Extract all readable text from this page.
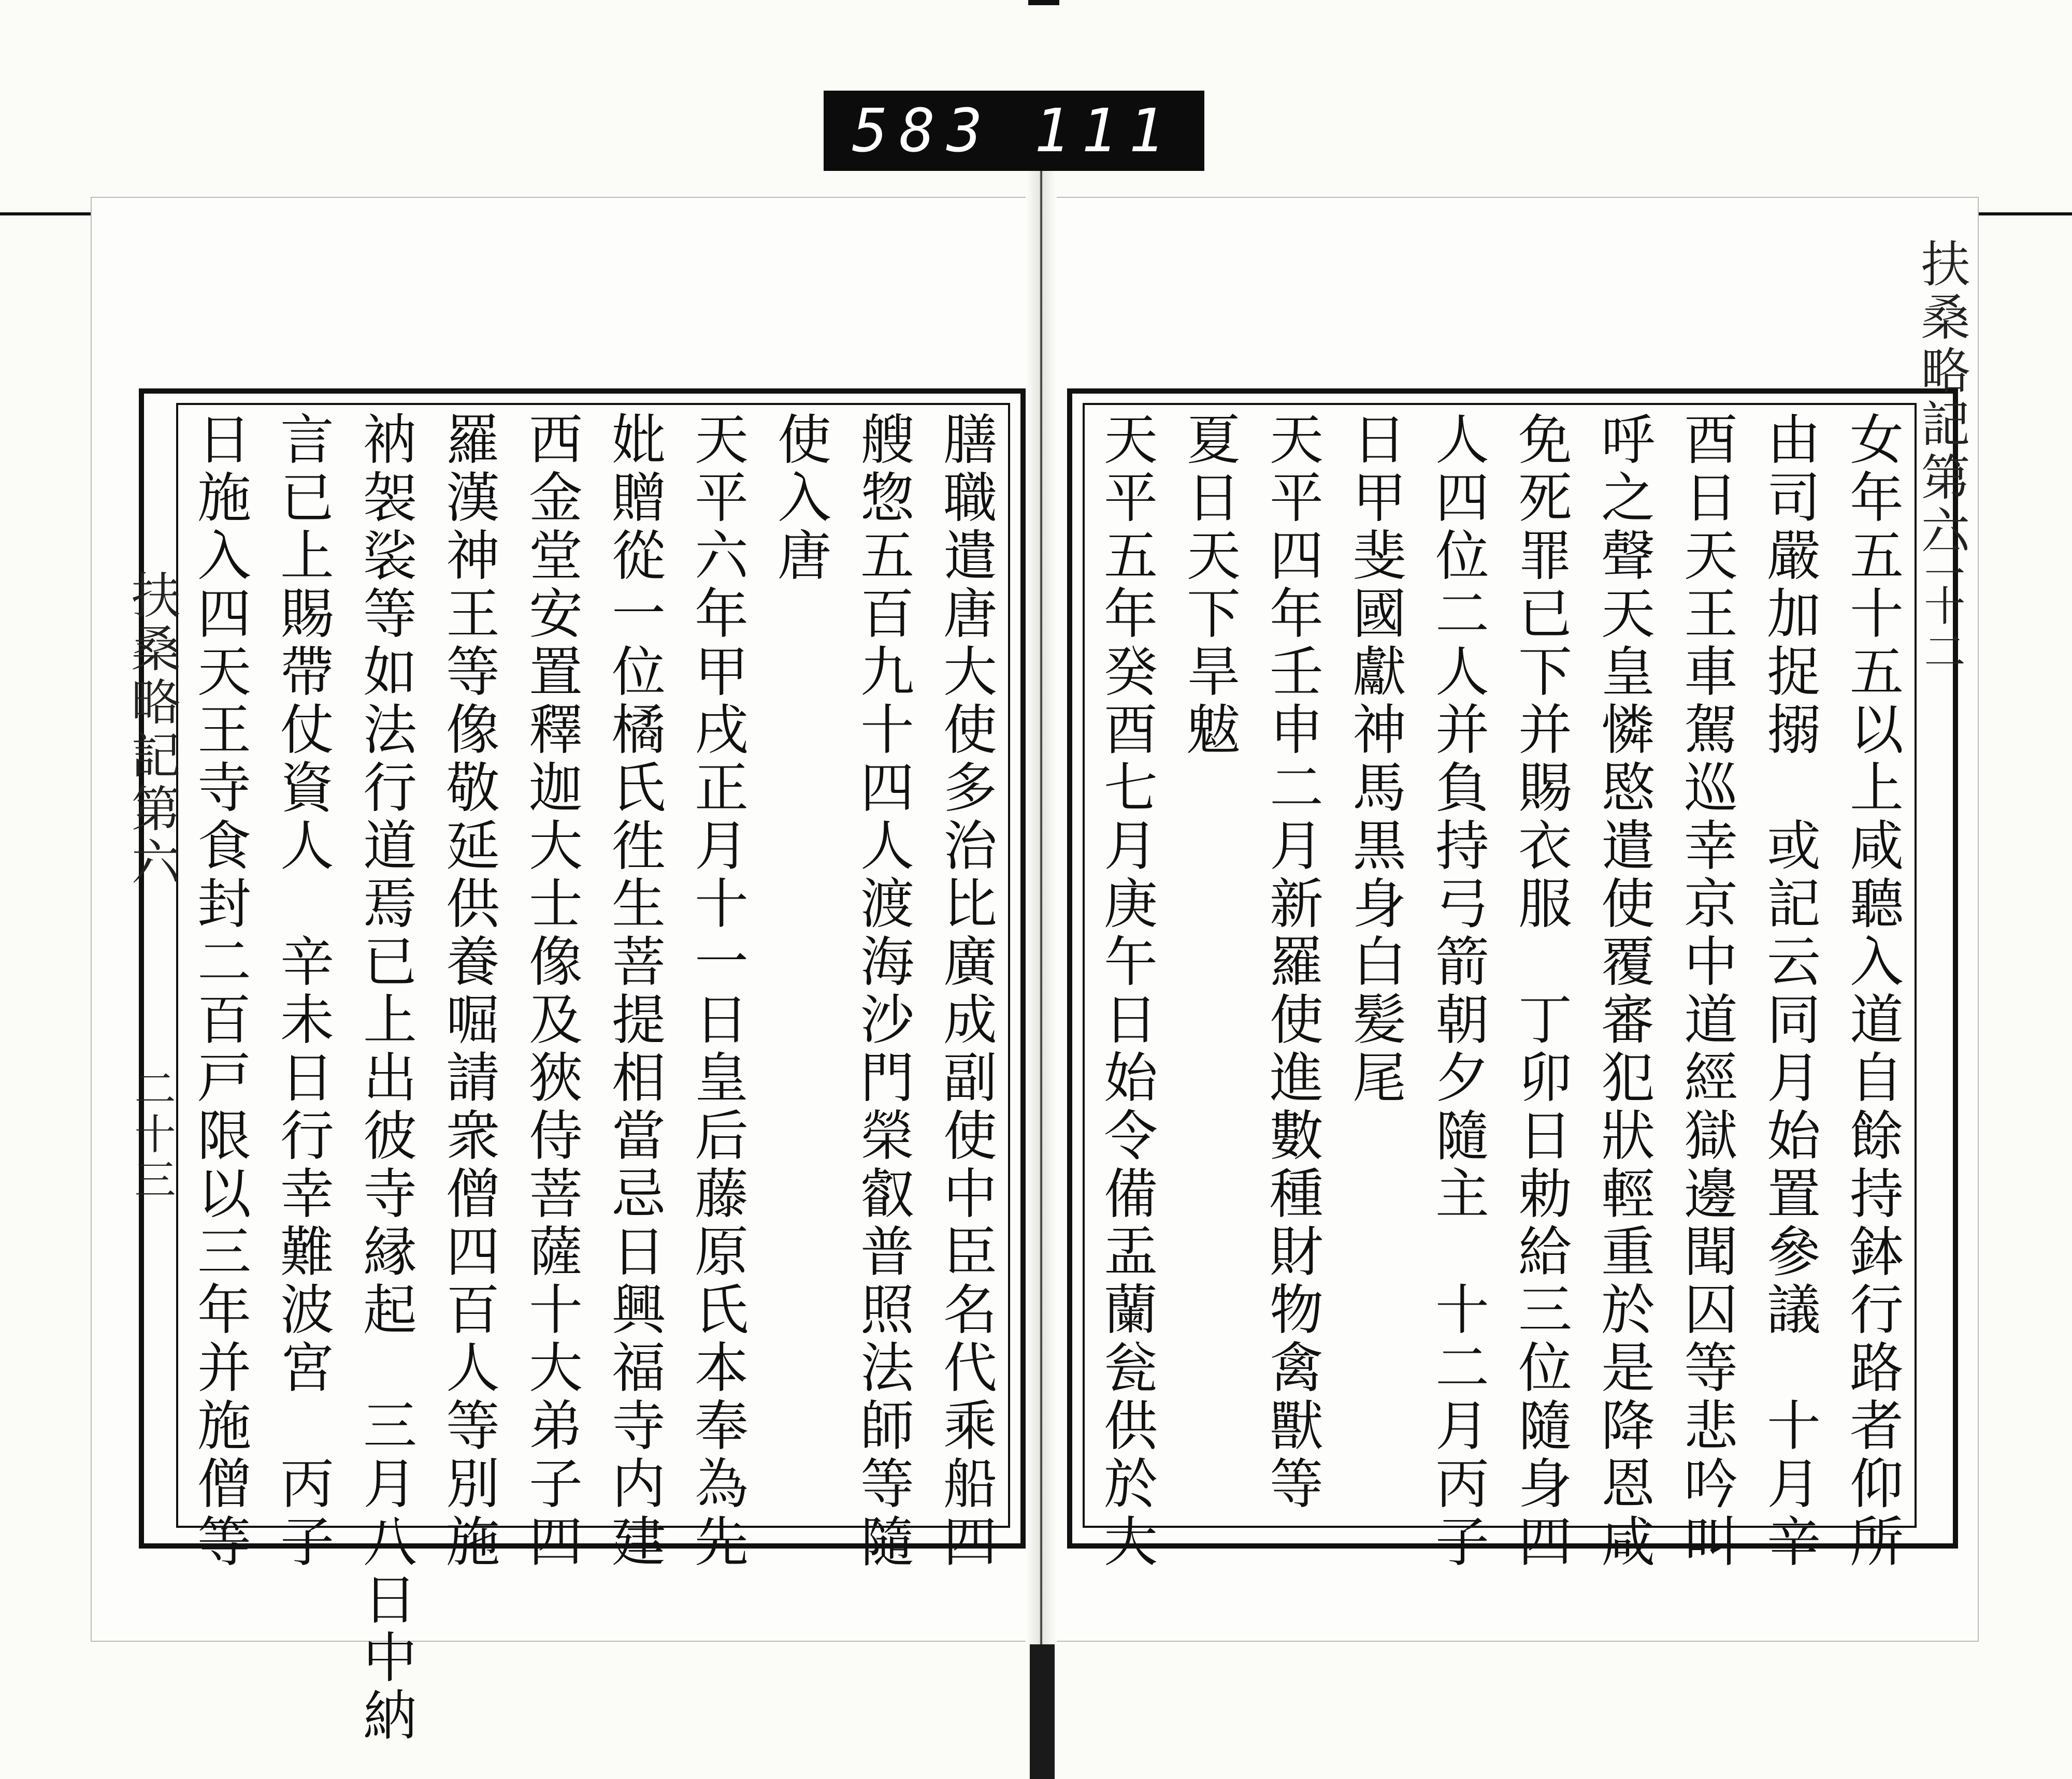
583 111
膳職遣唐大使多治比廣成副使中臣名代乘船四
艘惣五百九十四人渡海沙門榮叡普照法師等隨
使入唐
天平六年甲戌正月十一日皇后藤原氏本奉為先
妣贈從一位橘氏徃生菩提相當忌日興福寺内建
西金堂安置釋迦大士像及狹侍菩薩十大弟子四
羅漢神王等像敬延供養啒請衆僧四百人等別施
衲袈裟等如法行道焉已上出彼寺縁起　三月八日中納
言已上賜帶仗資人　辛未日行幸難波宮　丙子
日施入四天王寺食封二百戸限以三年并施僧等	女年五十五以上咸聽入道自餘持鉢行路者仰所
由司嚴加捉搦　或記云同月始置參議　十月辛
酉日天王車駕巡幸京中道經獄邊聞囚等悲吟叫
呼之聲天皇憐愍遣使覆審犯狀輕重於是降恩咸
免死罪已下并賜衣服　丁卯日勅給三位隨身四
人四位二人并負持弓箭朝夕隨主　十二月丙子
日甲斐國獻神馬黒身白髪尾
天平四年壬申二月新羅使進數種財物禽獸等
夏日天下旱魃
天平五年癸酉七月庚午日始令備盂蘭瓮供於大
扶桑略記第六
二十三
扶桑略記第六
二十二
